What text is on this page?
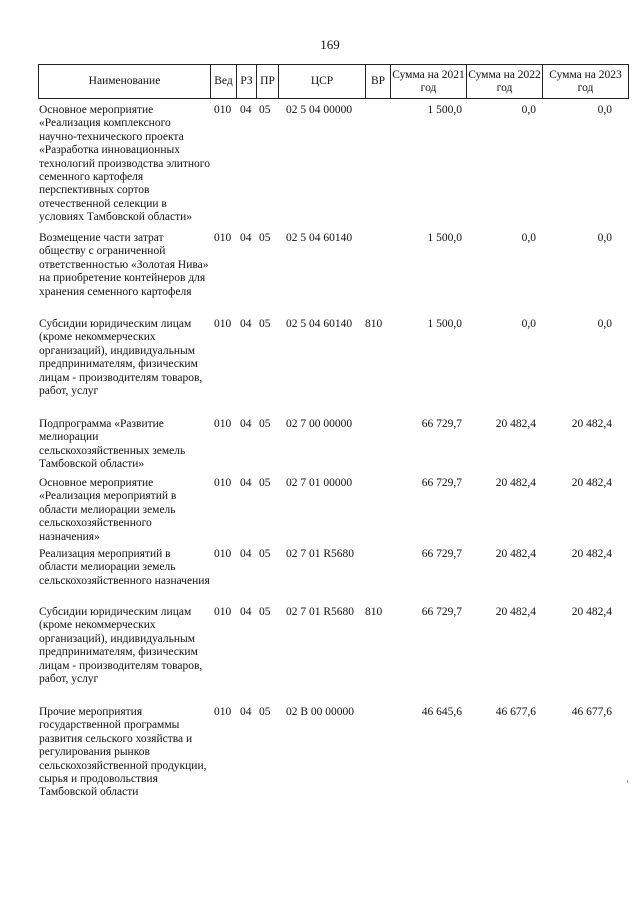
169
Наименование	Вед РЗ ПР	ЦСР	ВР
Сумма на 2021 год
Сумма на 2022 год
Сумма на 2023 год
Основное мероприятие «Реализация комплексного научно-технического проекта «Разработка инновационных технологий производства элитного семенного картофеля перспективных сортов отечественной селекции в условиях Тамбовской области»
010 04 05	02 5 04 00000	1 500,0	0,0	0,0
Возмещение части затрат обществу с ограниченной ответственностью «Золотая Нива» на приобретение контейнеров для хранения семенного картофеля
010 04 05	02 5 04 60140	1 500,0	0,0	0,0
Субсидии юридическим лицам (кроме некоммерческих организаций), индивидуальным предпринимателям, физическим лицам - производителям товаров, работ, услуг
010 04 05	02 5 04 60140	810	1 500,0	0,0	0,0
Подпрограмма «Развитие мелиорации сельскохозяйственных земель Тамбовской области»
010 04 05	02 7 00 00000	66 729,7	20 482,4	20 482,4
Основное мероприятие «Реализация мероприятий в области мелиорации земель сельскохозяйственного назначения»
010 04 05	02 7 01 00000	66 729,7	20 482,4	20 482,4
Реализация мероприятий в области мелиорации земель сельскохозяйственного назначения
010 04 05	02 7 01 R5680	66 729,7	20 482,4	20 482,4
Субсидии юридическим лицам (кроме некоммерческих организаций), индивидуальным предпринимателям, физическим лицам - производителям товаров, работ, услуг
010 04 05	02 7 01 R5680 810	66 729,7	20 482,4	20 482,4
Прочие мероприятия государственной программы развития сельского хозяйства и регулирования рынков сельскохозяйственной продукции, сырья и продовольствия Тамбовской области
010 04 05	02 В 00 00000	46 645,6	46 677,6	46 677,6
